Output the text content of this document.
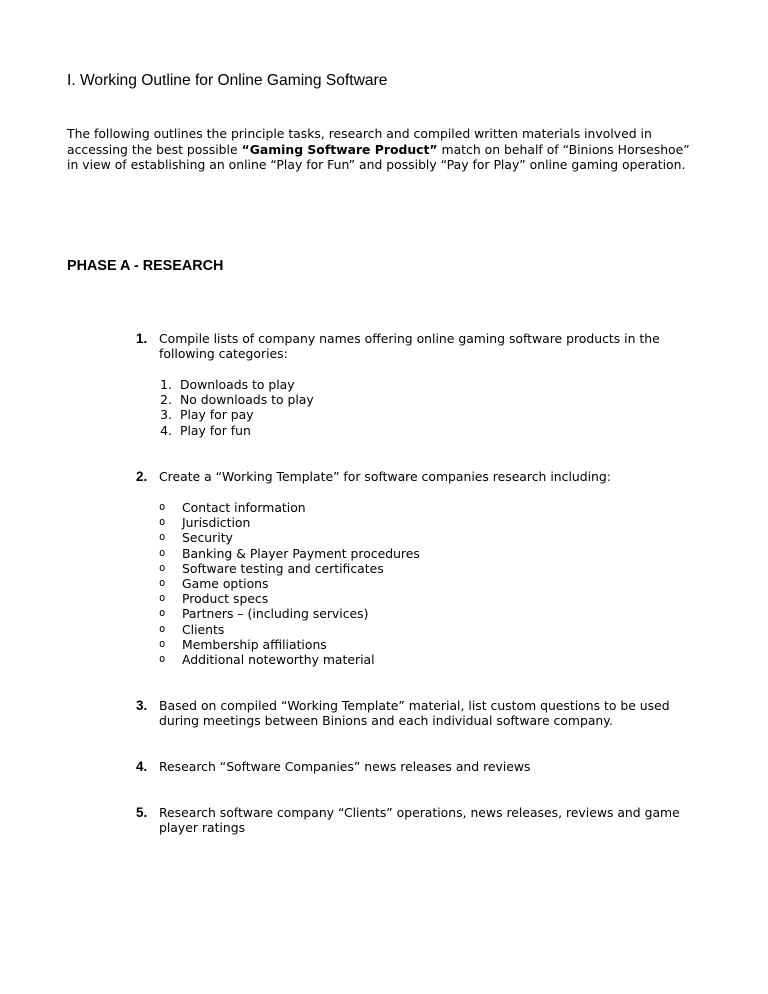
I. Working Outline for Online Gaming Software
The following outlines the principle tasks, research and compiled written materials involved in
accessing the best possible “Gaming Software Product” match on behalf of “Binions Horseshoe”
in view of establishing an online “Play for Fun” and possibly “Pay for Play” online gaming operation.
PHASE A - RESEARCH
1. Compile lists of company names offering online gaming software products in the
following categories:
1. Downloads to play
2. No downloads to play
3. Play for pay
4. Play for fun
2. Create a “Working Template” for software companies research including:
o Contact information
o Jurisdiction
o Security
o Banking & Player Payment procedures
o Software testing and certificates
o Game options
o Product specs
o Partners – (including services)
o Clients
o Membership affiliations
o Additional noteworthy material
3. Based on compiled “Working Template” material, list custom questions to be used
during meetings between Binions and each individual software company.
4. Research “Software Companies” news releases and reviews
5. Research software company “Clients” operations, news releases, reviews and game
player ratings
